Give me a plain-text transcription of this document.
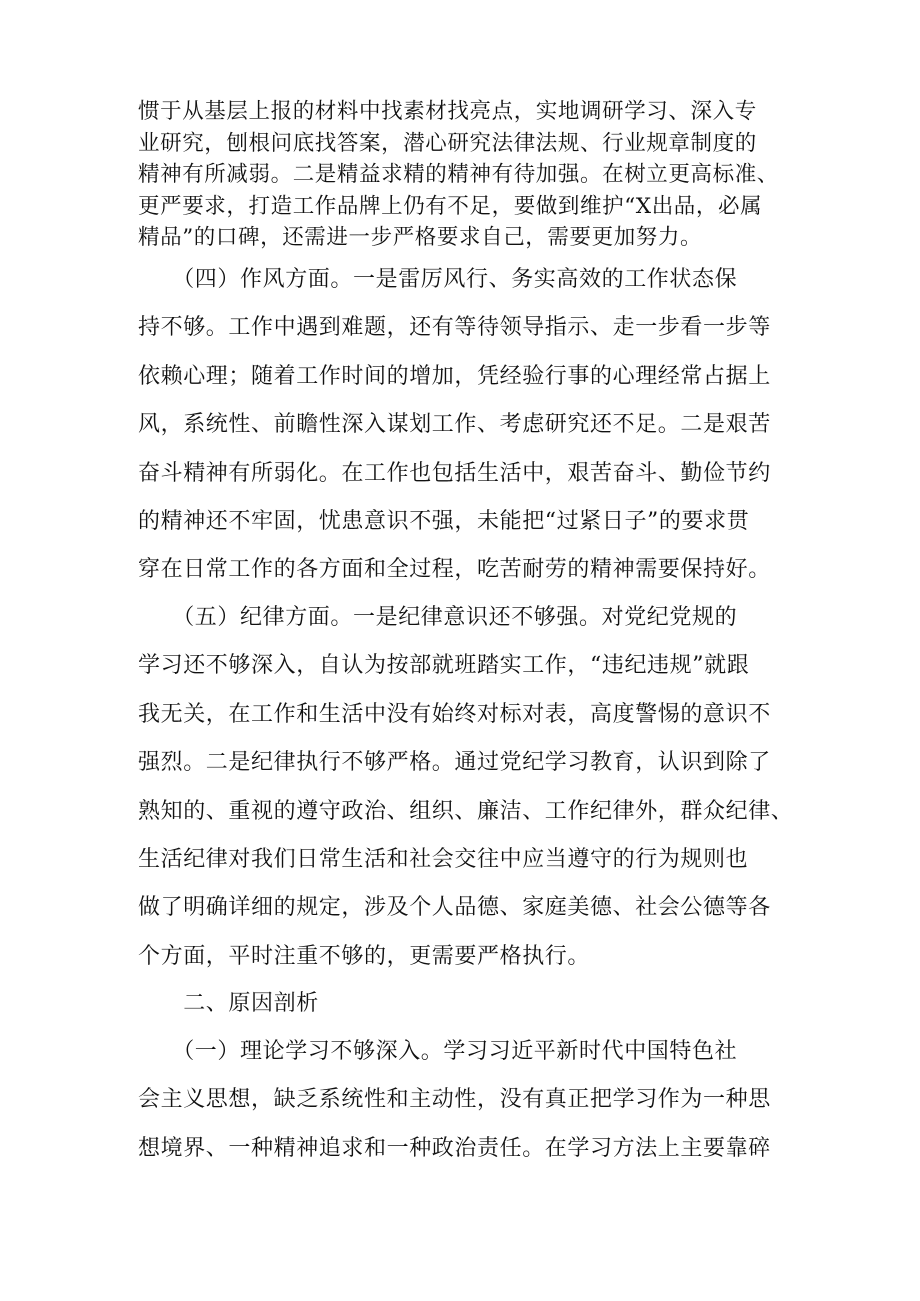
惯于从基层上报的材料中找素材找亮点，实地调研学习、深入专
业研究，刨根问底找答案，潜心研究法律法规、行业规章制度的
精神有所减弱。二是精益求精的精神有待加强。在树立更高标准、
更严要求，打造工作品牌上仍有不足，要做到维护“X出品，必属
精品”的口碑，还需进一步严格要求自己，需要更加努力。

　　（四）作风方面。一是雷厉风行、务实高效的工作状态保
持不够。工作中遇到难题，还有等待领导指示、走一步看一步等
依赖心理；随着工作时间的增加，凭经验行事的心理经常占据上
风，系统性、前瞻性深入谋划工作、考虑研究还不足。二是艰苦
奋斗精神有所弱化。在工作也包括生活中，艰苦奋斗、勤俭节约
的精神还不牢固，忧患意识不强，未能把“过紧日子”的要求贯
穿在日常工作的各方面和全过程，吃苦耐劳的精神需要保持好。

　　（五）纪律方面。一是纪律意识还不够强。对党纪党规的
学习还不够深入，自认为按部就班踏实工作，“违纪违规”就跟
我无关，在工作和生活中没有始终对标对表，高度警惕的意识不
强烈。二是纪律执行不够严格。通过党纪学习教育，认识到除了
熟知的、重视的遵守政治、组织、廉洁、工作纪律外，群众纪律、
生活纪律对我们日常生活和社会交往中应当遵守的行为规则也
做了明确详细的规定，涉及个人品德、家庭美德、社会公德等各
个方面，平时注重不够的，更需要严格执行。

　　二、原因剖析

　　（一）理论学习不够深入。学习习近平新时代中国特色社
会主义思想，缺乏系统性和主动性，没有真正把学习作为一种思
想境界、一种精神追求和一种政治责任。在学习方法上主要靠碎
